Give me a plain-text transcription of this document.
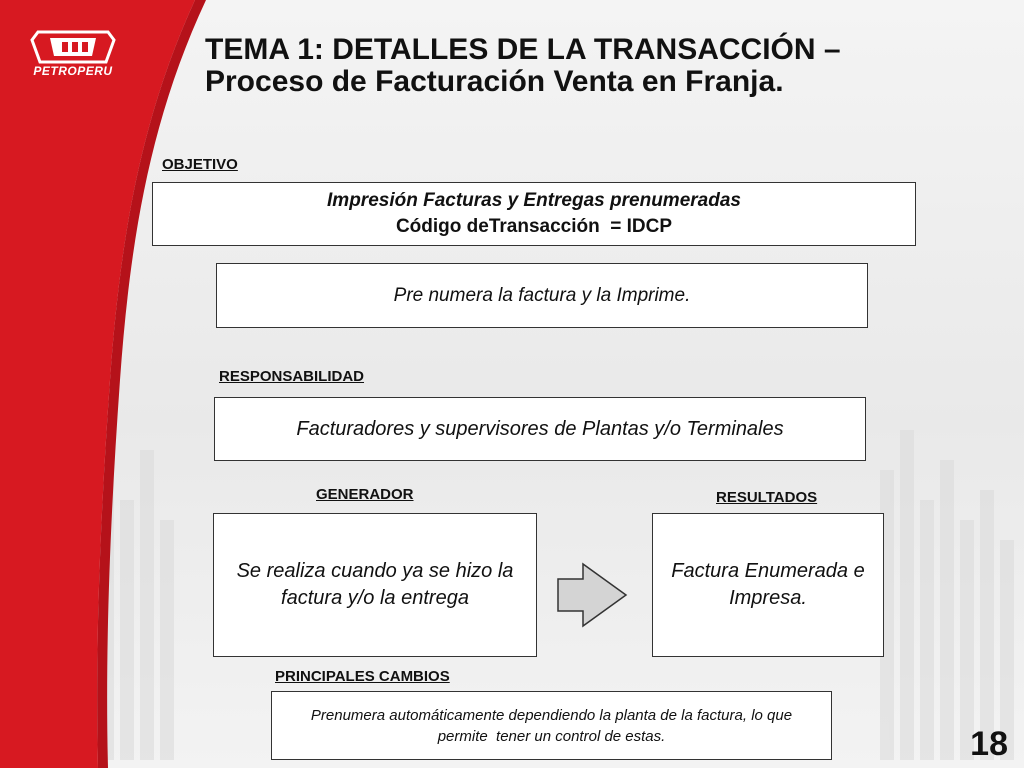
PETROPERU
TEMA 1: DETALLES DE LA TRANSACCIÓN – Proceso de Facturación Venta en Franja.
OBJETIVO
Impresión Facturas y Entregas prenumeradas
Código deTransacción  = IDCP
Pre numera la factura y la Imprime.
RESPONSABILIDAD
Facturadores y supervisores de Plantas y/o Terminales
GENERADOR
Se realiza cuando ya se hizo la factura y/o la entrega
RESULTADOS
Factura Enumerada e Impresa.
PRINCIPALES CAMBIOS
Prenumera automáticamente dependiendo la planta de la factura, lo que permite  tener un control de estas.	18
